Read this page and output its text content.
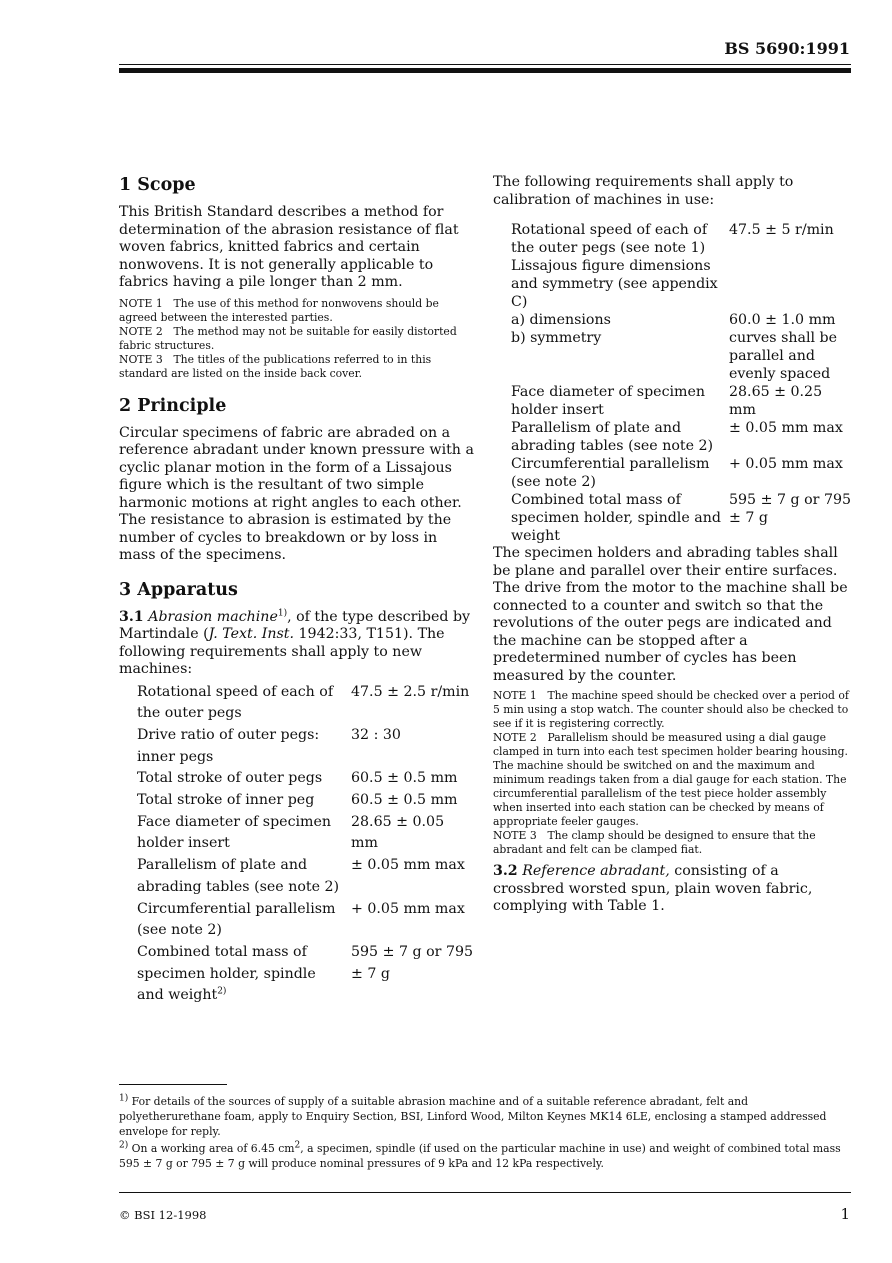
BS 5690:1991
1 Scope

This British Standard describes a method for determination of the abrasion resistance of flat woven fabrics, knitted fabrics and certain nonwovens. It is not generally applicable to fabrics having a pile longer than 2 mm.

NOTE 1 The use of this method for nonwovens should be agreed between the interested parties.

NOTE 2 The method may not be suitable for easily distorted fabric structures.

NOTE 3 The titles of the publications referred to in this standard are listed on the inside back cover.

2 Principle

Circular specimens of fabric are abraded on a reference abradant under known pressure with a cyclic planar motion in the form of a Lissajous figure which is the resultant of two simple harmonic motions at right angles to each other. The resistance to abrasion is estimated by the number of cycles to breakdown or by loss in mass of the specimens.

3 Apparatus

3.1 Abrasion machine$^{1)}$, of the type described by Martindale (J. Text. Inst. 1942:33, T151). The following requirements shall apply to new machines:

Rotational speed of each of the outer pegs	47.5 ± 2.5 r/min
Drive ratio of outer pegs: inner pegs	32 : 30
Total stroke of outer pegs	60.5 ± 0.5 mm
Total stroke of inner peg	60.5 ± 0.5 mm
Face diameter of specimen holder insert	28.65 ± 0.05 mm
Parallelism of plate and abrading tables (see note 2)	± 0.05 mm max
Circumferential parallelism (see note 2)	+ 0.05 mm max
Combined total mass of specimen holder, spindle and weight$^{2)}$	595 ± 7 g or 795 ± 7 g

The following requirements shall apply to calibration of machines in use:

Rotational speed of each of the outer pegs (see note 1)	47.5 ± 5 r/min
Lissajous figure dimensions and symmetry (see appendix C)	
a) dimensions	60.0 ± 1.0 mm
b) symmetry	curves shall be parallel and evenly spaced
Face diameter of specimen holder insert	28.65 ± 0.25 mm
Parallelism of plate and abrading tables (see note 2)	± 0.05 mm max
Circumferential parallelism (see note 2)	+ 0.05 mm max
Combined total mass of specimen holder, spindle and weight	595 ± 7 g or 795 ± 7 g

The specimen holders and abrading tables shall be plane and parallel over their entire surfaces. The drive from the motor to the machine shall be connected to a counter and switch so that the revolutions of the outer pegs are indicated and the machine can be stopped after a predetermined number of cycles has been measured by the counter.

NOTE 1 The machine speed should be checked over a period of 5 min using a stop watch. The counter should also be checked to see if it is registering correctly.

NOTE 2 Parallelism should be measured using a dial gauge clamped in turn into each test specimen holder bearing housing. The machine should be switched on and the maximum and minimum readings taken from a dial gauge for each station. The circumferential parallelism of the test piece holder assembly when inserted into each station can be checked by means of appropriate feeler gauges.

NOTE 3 The clamp should be designed to ensure that the abradant and felt can be clamped fiat.

3.2 Reference abradant, consisting of a crossbred worsted spun, plain woven fabric, complying with Table 1.

$^{1)}$ For details of the sources of supply of a suitable abrasion machine and of a suitable reference abradant, felt and polyetherurethane foam, apply to Enquiry Section, BSI, Linford Wood, Milton Keynes MK14 6LE, enclosing a stamped addressed envelope for reply.

$^{2)}$ On a working area of 6.45 $cm^2$, a specimen, spindle (if used on the particular machine in use) and weight of combined total mass 595 ± 7 g or 795 ± 7 g will produce nominal pressures of 9 kPa and 12 kPa respectively.

© BSI 12-1998	1
